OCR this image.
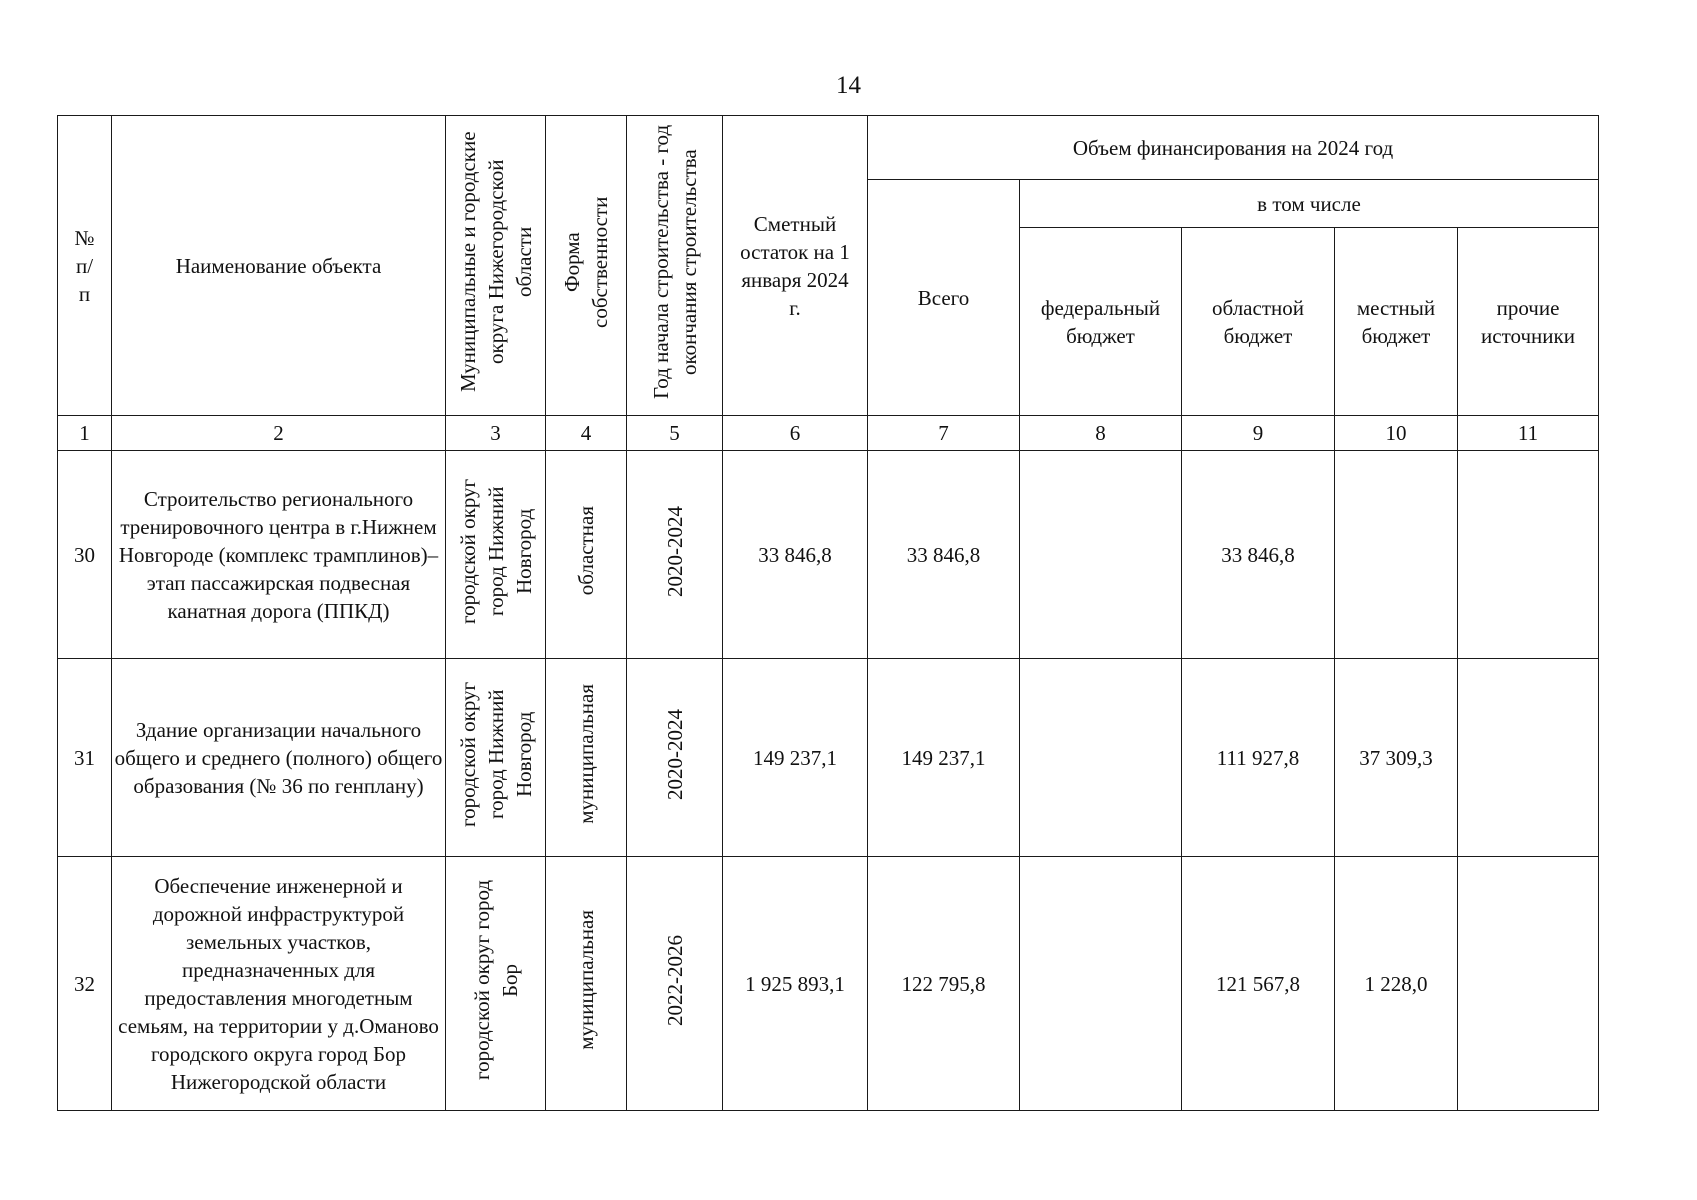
14
№ п/ п	Наименование объекта	Муниципальные и городские округа Нижегородской области	Форма собственности	Год начала строительства - год окончания строительства	Сметный остаток на 1 января 2024 г.	Объем финансирования на 2024 год				
						Всего	в том числе			

							федеральный бюджет	областной бюджет	местный бюджет	прочие источники

1	2	3	4	5	6	7	8	9	10	11
30	Строительство регионального тренировочного центра в г.Нижнем Новгороде (комплекс трамплинов)–этап пассажирская подвесная канатная дорога (ППКД)	городской округ город Нижний Новгород	областная	2020-2024	33 846,8	33 846,8		33 846,8		
31	Здание организации начального общего и среднего (полного) общего образования (№ 36 по генплану)	городской округ город Нижний Новгород	муниципальная	2020-2024	149 237,1	149 237,1		111 927,8	37 309,3	
32	Обеспечение инженерной и дорожной инфраструктурой земельных участков, предназначенных для предоставления многодетным семьям, на территории у д.Оманово городского округа город Бор Нижегородской области	городской округ город Бор	муниципальная	2022-2026	1 925 893,1	122 795,8		121 567,8	1 228,0	
